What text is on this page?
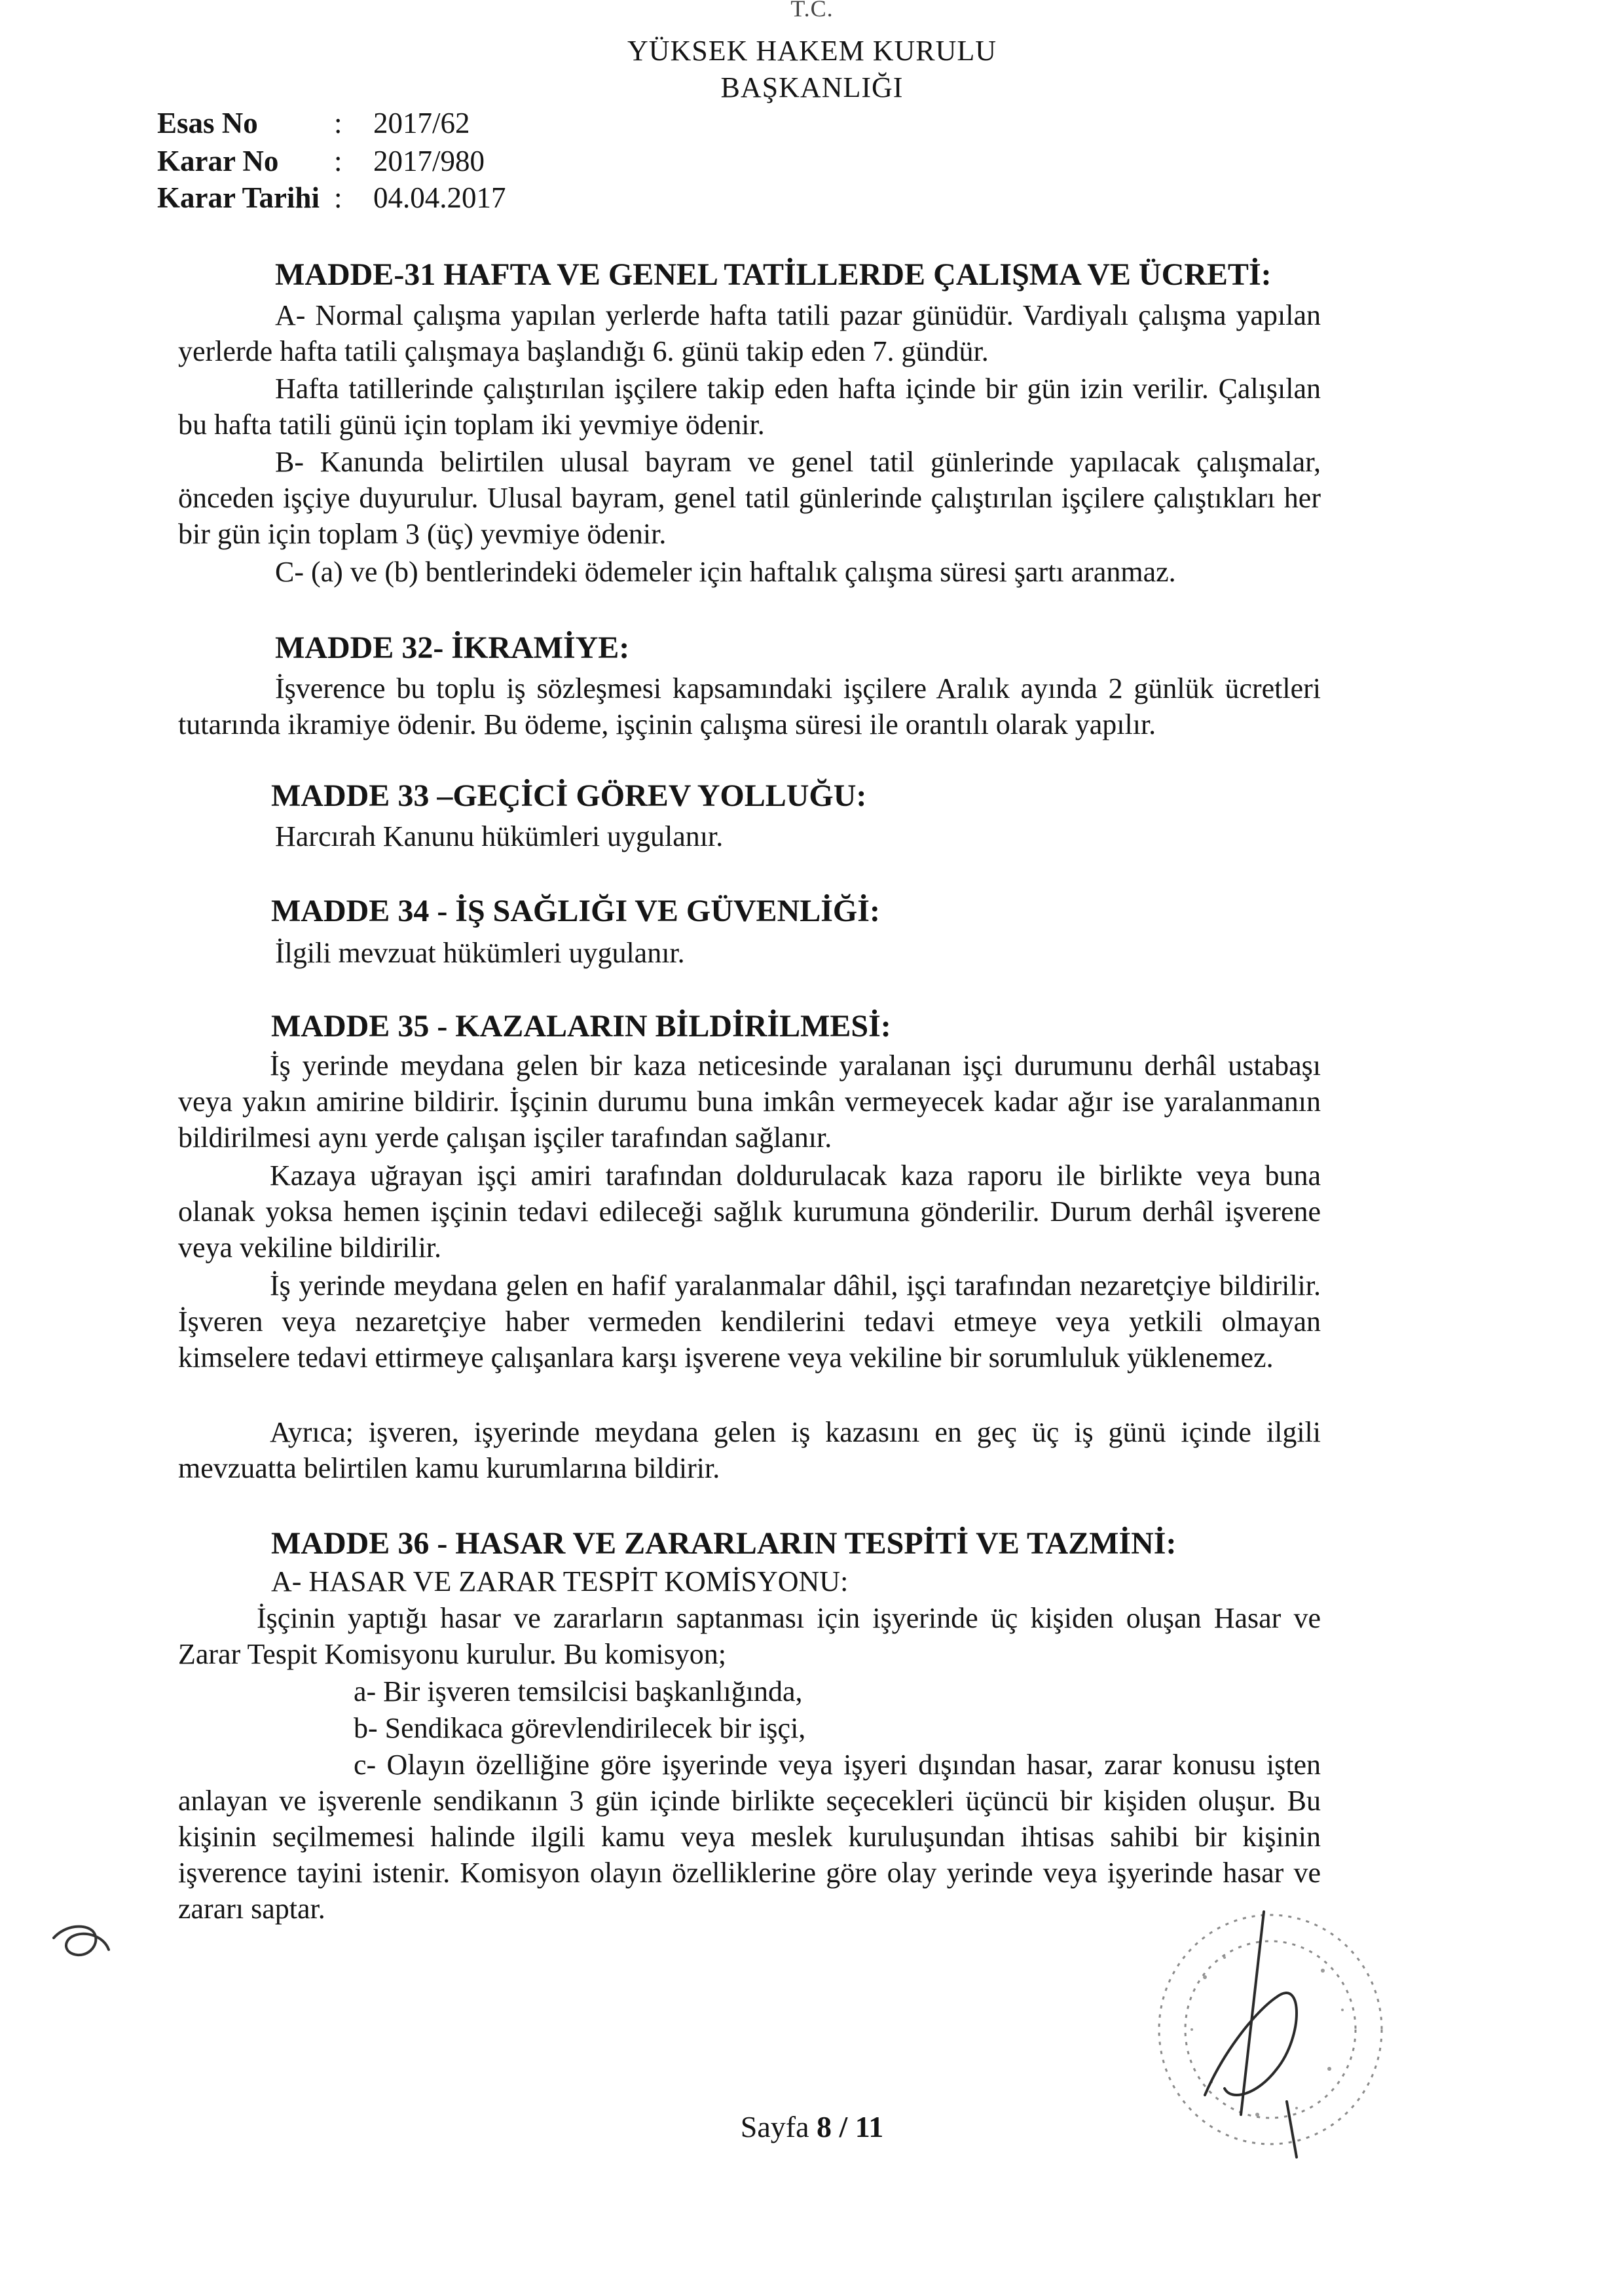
T.C.
YÜKSEK HAKEM KURULU
BAŞKANLIĞI
Esas No	: 2017/62
Karar No : 2017/980
Karar Tarihi : 04.04.2017
MADDE-31 HAFTA VE GENEL TATİLLERDE ÇALIŞMA VE ÜCRETİ:
A- Normal çalışma yapılan yerlerde hafta tatili pazar günüdür. Vardiyalı çalışma yapılan yerlerde hafta tatili çalışmaya başlandığı 6. günü takip eden 7. gündür.
Hafta tatillerinde çalıştırılan işçilere takip eden hafta içinde bir gün izin verilir. Çalışılan bu hafta tatili günü için toplam iki yevmiye ödenir.
B- Kanunda belirtilen ulusal bayram ve genel tatil günlerinde yapılacak çalışmalar, önceden işçiye duyurulur. Ulusal bayram, genel tatil günlerinde çalıştırılan işçilere çalıştıkları her bir gün için toplam 3 (üç) yevmiye ödenir.
C- (a) ve (b) bentlerindeki ödemeler için haftalık çalışma süresi şartı aranmaz.
MADDE 32- İKRAMİYE:
İşverence bu toplu iş sözleşmesi kapsamındaki işçilere Aralık ayında 2 günlük ücretleri tutarında ikramiye ödenir. Bu ödeme, işçinin çalışma süresi ile orantılı olarak yapılır.
MADDE 33 –GEÇİCİ GÖREV YOLLUĞU:
Harcırah Kanunu hükümleri uygulanır.
MADDE 34 - İŞ SAĞLIĞI VE GÜVENLİĞİ:
İlgili mevzuat hükümleri uygulanır.
MADDE 35 - KAZALARIN BİLDİRİLMESİ:
İş yerinde meydana gelen bir kaza neticesinde yaralanan işçi durumunu derhâl ustabaşı veya yakın amirine bildirir. İşçinin durumu buna imkân vermeyecek kadar ağır ise yaralanmanın bildirilmesi aynı yerde çalışan işçiler tarafından sağlanır.
Kazaya uğrayan işçi amiri tarafından doldurulacak kaza raporu ile birlikte veya buna olanak yoksa hemen işçinin tedavi edileceği sağlık kurumuna gönderilir. Durum derhâl işverene veya vekiline bildirilir.
İş yerinde meydana gelen en hafif yaralanmalar dâhil, işçi tarafından nezaretçiye bildirilir. İşveren veya nezaretçiye haber vermeden kendilerini tedavi etmeye veya yetkili olmayan kimselere tedavi ettirmeye çalışanlara karşı işverene veya vekiline bir sorumluluk yüklenemez.
Ayrıca; işveren, işyerinde meydana gelen iş kazasını en geç üç iş günü içinde ilgili mevzuatta belirtilen kamu kurumlarına bildirir.
MADDE 36 - HASAR VE ZARARLARIN TESPİTİ VE TAZMİNİ:
A- HASAR VE ZARAR TESPİT KOMİSYONU:
İşçinin yaptığı hasar ve zararların saptanması için işyerinde üç kişiden oluşan Hasar ve Zarar Tespit Komisyonu kurulur. Bu komisyon;
a- Bir işveren temsilcisi başkanlığında,
b- Sendikaca görevlendirilecek bir işçi,
c- Olayın özelliğine göre işyerinde veya işyeri dışından hasar, zarar konusu işten anlayan ve işverenle sendikanın 3 gün içinde birlikte seçecekleri üçüncü bir kişiden oluşur. Bu kişinin seçilmemesi halinde ilgili kamu veya meslek kuruluşundan ihtisas sahibi bir kişinin işverence tayini istenir. Komisyon olayın özelliklerine göre olay yerinde veya işyerinde hasar ve zararı saptar.
Sayfa 8 / 11
